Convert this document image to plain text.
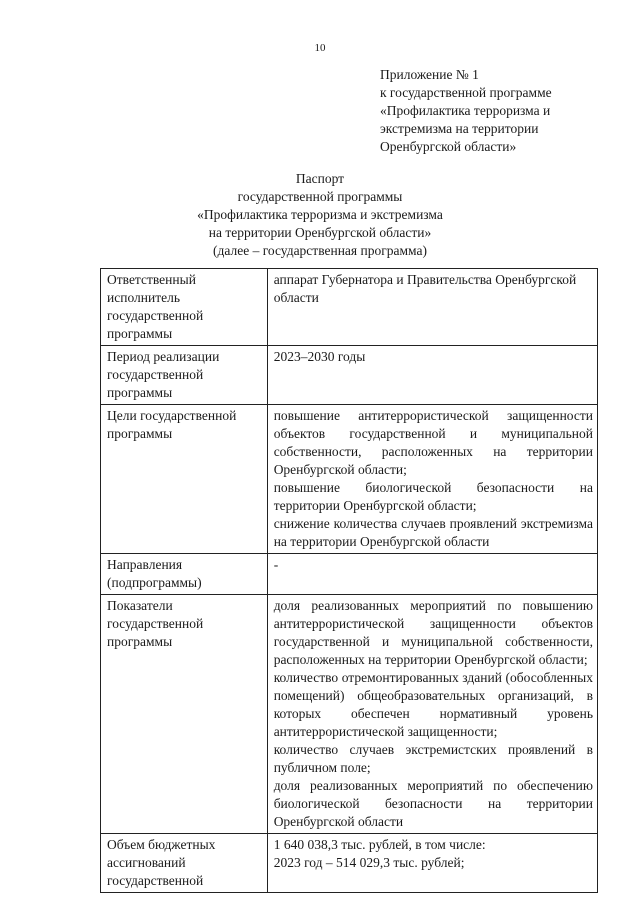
10
Приложение № 1
к государственной программе
«Профилактика терроризма и
экстремизма на территории
Оренбургской области»
Паспорт
государственной программы
«Профилактика терроризма и экстремизма
на территории Оренбургской области»
(далее – государственная программа)
Ответственный исполнитель государственной программы	аппарат Губернатора и Правительства Оренбургской области

Период реализации государственной программы	2023–2030 годы

Цели государственной программы	повышение антитеррористической защищенности объектов государственной и муниципальной собственности, расположенных на территории Оренбургской области;
повышение биологической безопасности на территории Оренбургской области;
снижение количества случаев проявлений экстремизма на территории Оренбургской области

Направления (подпрограммы)	-

Показатели государственной программы	доля реализованных мероприятий по повышению антитеррористической защищенности объектов государственной и муниципальной собственности, расположенных на территории Оренбургской области;
количество отремонтированных зданий (обособленных помещений) общеобразовательных организаций, в которых обеспечен нормативный уровень антитеррористической защищенности;
количество случаев экстремистских проявлений в публичном поле;
доля реализованных мероприятий по обеспечению биологической безопасности на территории Оренбургской области

Объем бюджетных ассигнований государственной	1 640 038,3 тыс. рублей, в том числе:
2023 год – 514 029,3 тыс. рублей;
